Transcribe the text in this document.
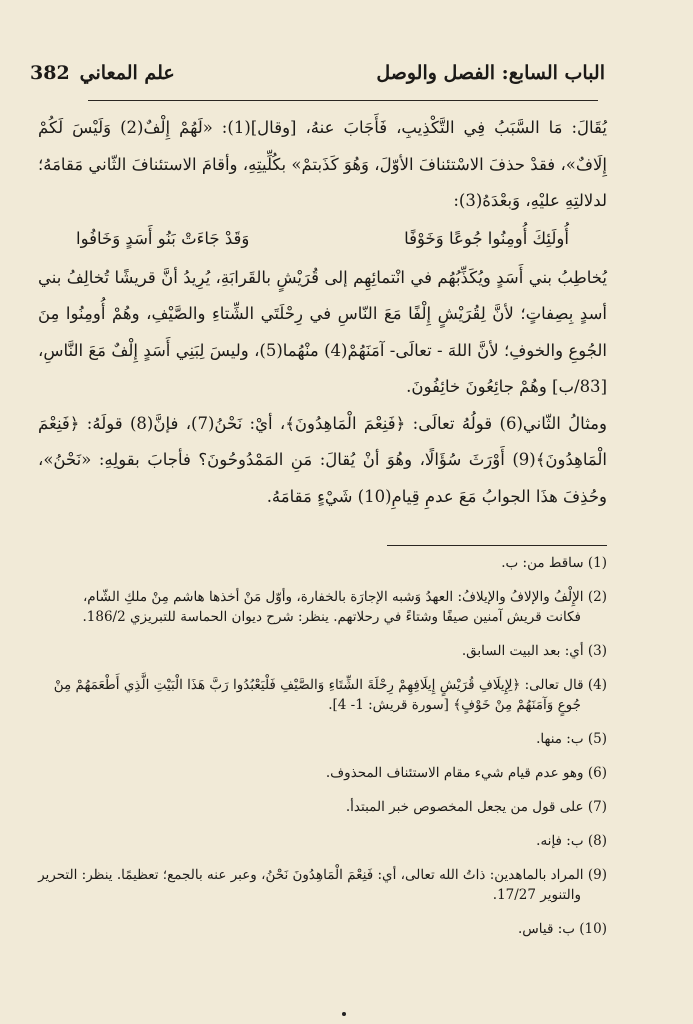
الباب السابع: الفصل والوصل
علم المعاني
382

يُقَالَ: مَا السَّبَبُ فِي التَّكْذِيبِ، فَأَجَابَ عنهُ، [وقال](1): «لَهُمْ إِلْفٌ(2) وَلَيْسَ لَكُمْ إِلَافٌ»، فقدْ حذفَ الاسْتئنافَ الأوّلَ، وَهُوَ كَذَبتمْ» بكُلِّيتِهِ، وأقامَ الاستئنافَ الثّاني مَقامَهُ؛ لدلالتِهِ عليْهِ، وَبعْدَهُ(3):

أُولَئِكَ أُومِنُوا جُوعًا وَخَوْفًا
وَقَدْ جَاءَتْ بَنُو أَسَدٍ وَخَافُوا

يُخاطِبُ بني أَسَدٍ ويُكَذِّبُهُم في انْتمائِهِم إلى قُرَيْشٍ بالقَرابَةِ، يُرِيدُ أنَّ قريشًا تُخالِفُ بني أسدٍ بِصِفاتٍ؛ لأنَّ لِقُرَيْشٍ إِلْفًا مَعَ النّاسِ في رِحْلَتَي الشِّتاءِ والصَّيْفِ، وهُمْ أُومِنُوا مِنَ الجُوعِ والخوفِ؛ لأنَّ اللهَ - تعالَى- آمَنَهُمْ(4) منْهُما(5)، وليسَ لِبَنِي أَسَدٍ إِلْفٌ مَعَ النَّاسِ، [83/ب] وهُمْ جائِعُونَ خائِفُونَ.

ومثالُ الثّاني(6) قولُهُ تعالَى: ﴿فَنِعْمَ الْمَاهِدُونَ﴾، أيْ: نَحْنُ(7)، فإنَّ(8) قولَهُ: ﴿فَنِعْمَ الْمَاهِدُونَ﴾(9) أَوْرَثَ سُؤَالًا، وهُوَ أنْ يُقالَ: مَنِ المَمْدُوحُونَ؟ فأجابَ بقولِهِ: «نَحْنُ»، وحُذِفَ هذَا الجوابُ مَعَ عدمِ قِيامِ(10) شَيْءٍ مَقامَهُ.

(1) ساقط من: ب.
(2) الإِلْفُ والإلافُ والإيلافُ: العهدُ وَشبه الإجارَة بالخفارة، وأوّل مَنْ أخذها هاشم مِنْ ملكِ الشّام،
فكانت قريش آمنين صيفًا وشتاءً في رحلاتهم. ينظر: شرح ديوان الحماسة للتبريزي 186/2.
(3) أي: بعد البيت السابق.
(4) قال تعالى: ﴿لِإِيلَافِ قُرَيْشٍ إِيلَافِهِمْ رِحْلَةَ الشِّتَاءِ وَالصَّيْفِ فَلْيَعْبُدُوا رَبَّ هَذَا الْبَيْتِ الَّذِي أَطْعَمَهُمْ مِنْ
جُوعٍ وَآمَنَهُمْ مِنْ خَوْفٍ﴾ [سورة قريش: 1- 4].
(5) ب: منها.
(6) وهو عدم قيام شيء مقام الاستئناف المحذوف.
(7) على قول من يجعل المخصوص خبر المبتدأ.
(8) ب: فإنه.
(9) المراد بالماهدين: ذاتُ الله تعالى، أي: فَنِعْمَ الْمَاهِدُونَ نَحْنُ، وعبر عنه بالجمع؛ تعظيمًا. ينظر: التحرير
والتنوير 17/27.
(10) ب: قياس.
